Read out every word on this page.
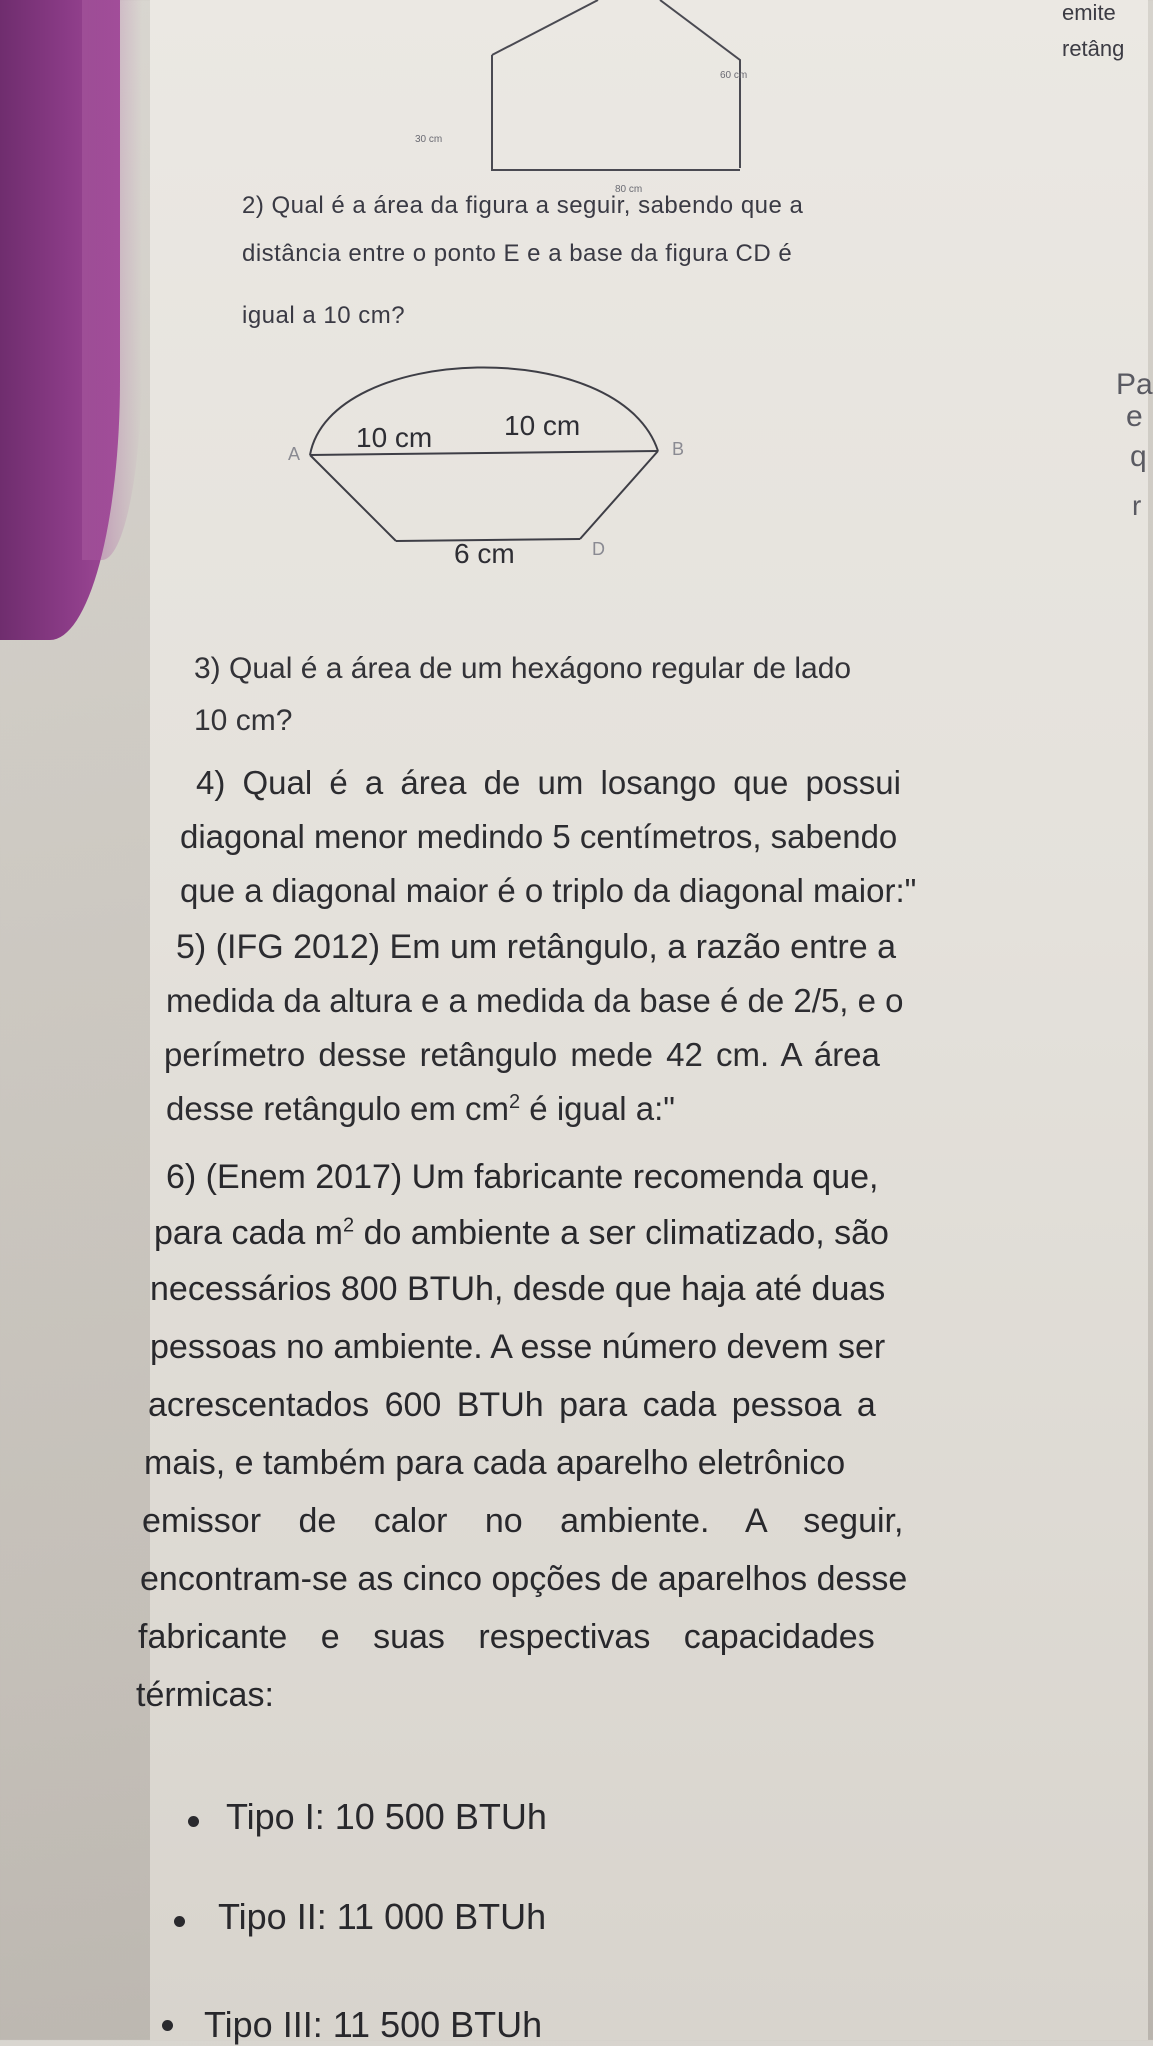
60 cm
30 cm
80 cm
emite
retâng
Pa
e
q
r
2) Qual é a área da figura a seguir, sabendo que a
distância entre o ponto E e a base da figura CD é
igual a 10 cm?
10 cm	10 cm
6 cm
A	B
D
3) Qual é a área de um hexágono regular de lado
10 cm?
4) Qual é a área de um losango que possui
diagonal menor medindo 5 centímetros, sabendo
que a diagonal maior é o triplo da diagonal maior:"
5) (IFG 2012) Em um retângulo, a razão entre a
medida da altura e a medida da base é de 2/5, e o
perímetro desse retângulo mede 42 cm. A área
desse retângulo em $cm^2$ é igual a:"
6) (Enem 2017) Um fabricante recomenda que,
para cada $m^2$ do ambiente a ser climatizado, são
necessários 800 BTUh, desde que haja até duas
pessoas no ambiente. A esse número devem ser
acrescentados 600 BTUh para cada pessoa a
mais, e também para cada aparelho eletrônico
emissor de calor no ambiente. A seguir,
encontram-se as cinco opções de aparelhos desse
fabricante e suas respectivas capacidades
térmicas:
Tipo I: 10 500 BTUh
Tipo II: 11 000 BTUh
Tipo III: 11 500 BTUh
